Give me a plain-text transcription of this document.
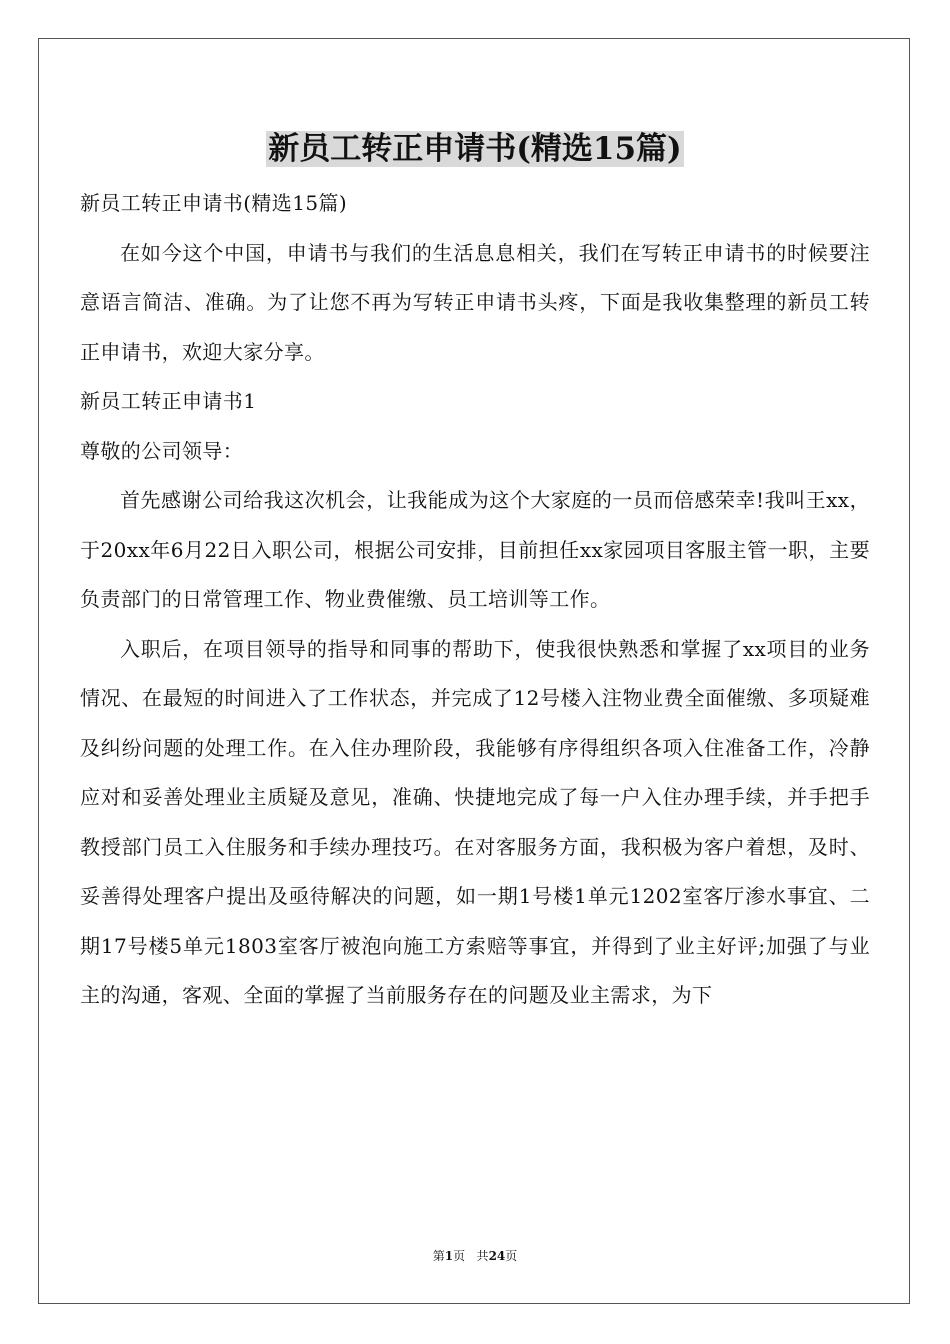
新员工转正申请书(精选15篇)

新员工转正申请书(精选15篇)

在如今这个中国，申请书与我们的生活息息相关，我们在写转正申请书的时候要注意语言简洁、准确。为了让您不再为写转正申请书头疼，下面是我收集整理的新员工转正申请书，欢迎大家分享。

新员工转正申请书1

尊敬的公司领导：

首先感谢公司给我这次机会，让我能成为这个大家庭的一员而倍感荣幸!我叫王xx，于20xx年6月22日入职公司，根据公司安排，目前担任xx家园项目客服主管一职，主要负责部门的日常管理工作、物业费催缴、员工培训等工作。

入职后，在项目领导的指导和同事的帮助下，使我很快熟悉和掌握了xx项目的业务情况、在最短的时间进入了工作状态，并完成了12号楼入注物业费全面催缴、多项疑难及纠纷问题的处理工作。在入住办理阶段，我能够有序得组织各项入住准备工作，冷静应对和妥善处理业主质疑及意见，准确、快捷地完成了每一户入住办理手续，并手把手教授部门员工入住服务和手续办理技巧。在对客服务方面，我积极为客户着想，及时、妥善得处理客户提出及亟待解决的问题，如一期1号楼1单元1202室客厅渗水事宜、二期17号楼5单元1803室客厅被泡向施工方索赔等事宜，并得到了业主好评;加强了与业主的沟通，客观、全面的掌握了当前服务存在的问题及业主需求，为下

第1页 共24页
